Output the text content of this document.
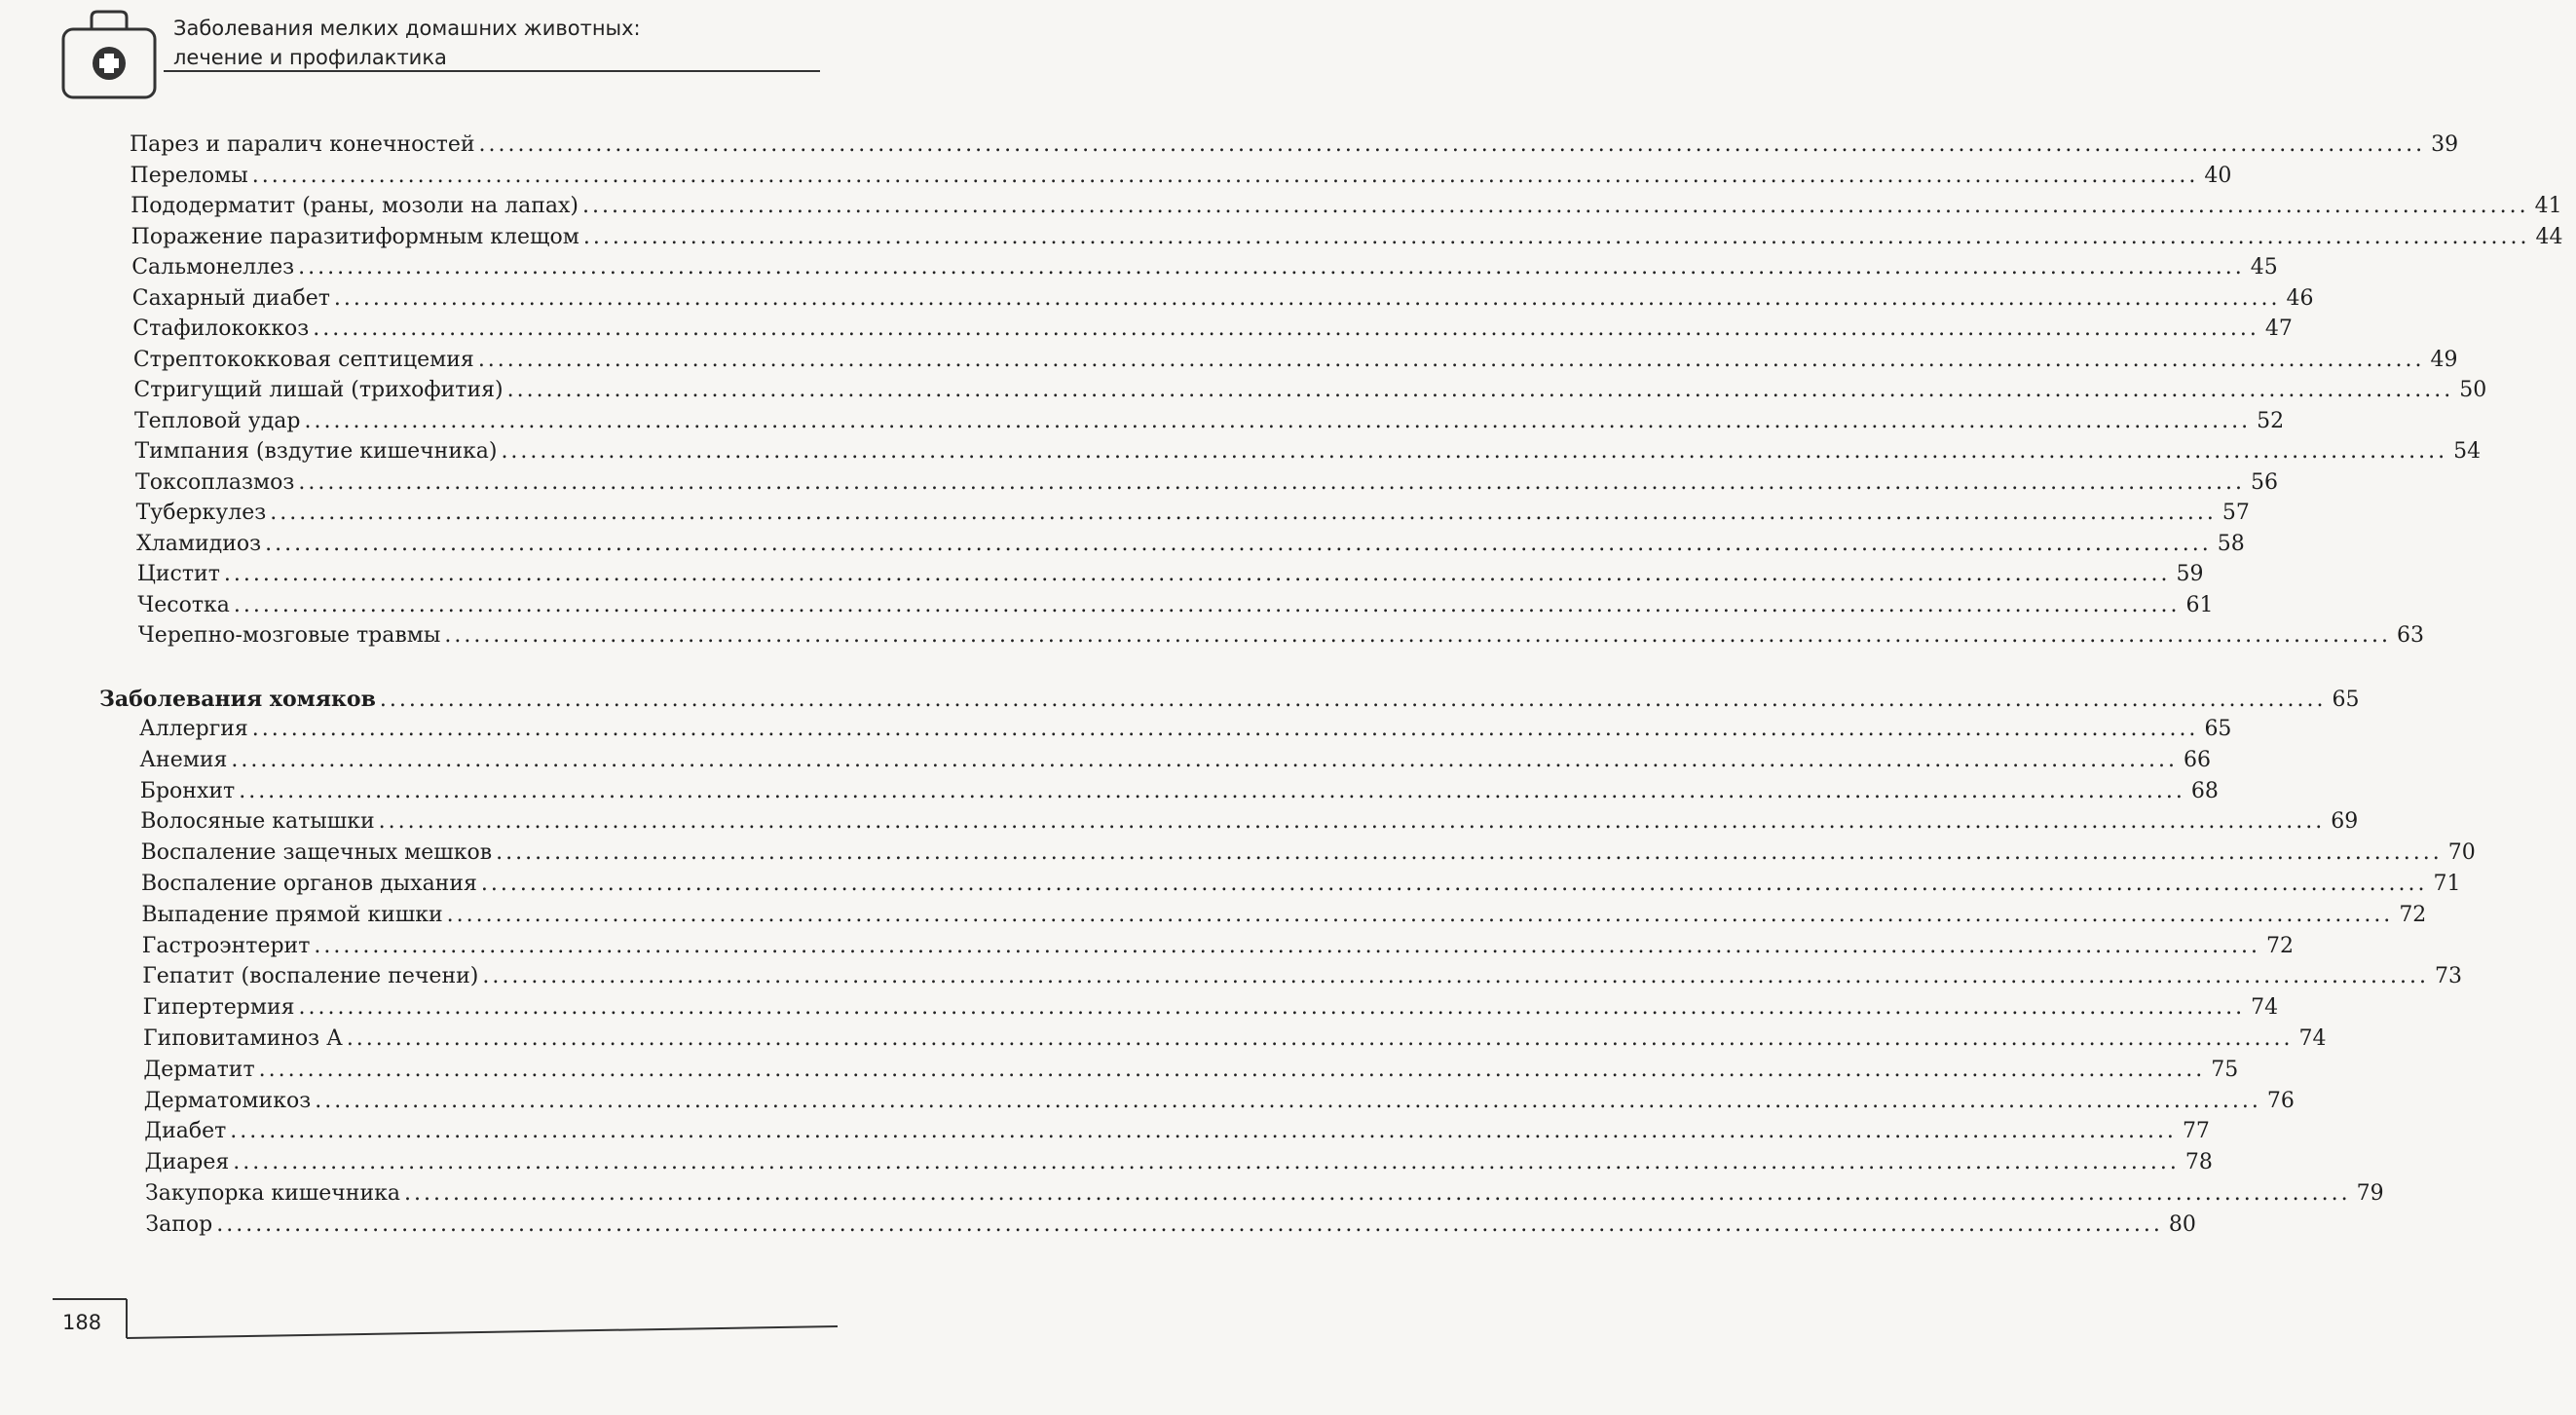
Заболевания мелких домашних животных:
лечение и профилактика
Парез и паралич конечностей ........................................................................................................................................................................................................ 39
Переломы ........................................................................................................................................................................................................ 40
Пододерматит (раны, мозоли на лапах) ........................................................................................................................................................................................................ 41
Поражение паразитиформным клещом ........................................................................................................................................................................................................ 44
Сальмонеллез ........................................................................................................................................................................................................ 45
Сахарный диабет ........................................................................................................................................................................................................ 46
Стафилококкоз ........................................................................................................................................................................................................ 47
Стрептококковая септицемия ........................................................................................................................................................................................................ 49
Стригущий лишай (трихофития) ........................................................................................................................................................................................................ 50
Тепловой удар ........................................................................................................................................................................................................ 52
Тимпания (вздутие кишечника) ........................................................................................................................................................................................................ 54
Токсоплазмоз ........................................................................................................................................................................................................ 56
Туберкулез ........................................................................................................................................................................................................ 57
Хламидиоз ........................................................................................................................................................................................................ 58
Цистит ........................................................................................................................................................................................................ 59
Чесотка ........................................................................................................................................................................................................ 61
Черепно-мозговые травмы ........................................................................................................................................................................................................ 63
Заболевания хомяков ........................................................................................................................................................................................................ 65
Аллергия ........................................................................................................................................................................................................ 65
Анемия ........................................................................................................................................................................................................ 66
Бронхит ........................................................................................................................................................................................................ 68
Волосяные катышки ........................................................................................................................................................................................................ 69
Воспаление защечных мешков ........................................................................................................................................................................................................ 70
Воспаление органов дыхания ........................................................................................................................................................................................................ 71
Выпадение прямой кишки ........................................................................................................................................................................................................ 72
Гастроэнтерит ........................................................................................................................................................................................................ 72
Гепатит (воспаление печени) ........................................................................................................................................................................................................ 73
Гипертермия ........................................................................................................................................................................................................ 74
Гиповитаминоз А ........................................................................................................................................................................................................ 74
Дерматит ........................................................................................................................................................................................................ 75
Дерматомикоз ........................................................................................................................................................................................................ 76
Диабет ........................................................................................................................................................................................................ 77
Диарея ........................................................................................................................................................................................................ 78
Закупорка кишечника ........................................................................................................................................................................................................ 79
Запор ........................................................................................................................................................................................................ 80
188
